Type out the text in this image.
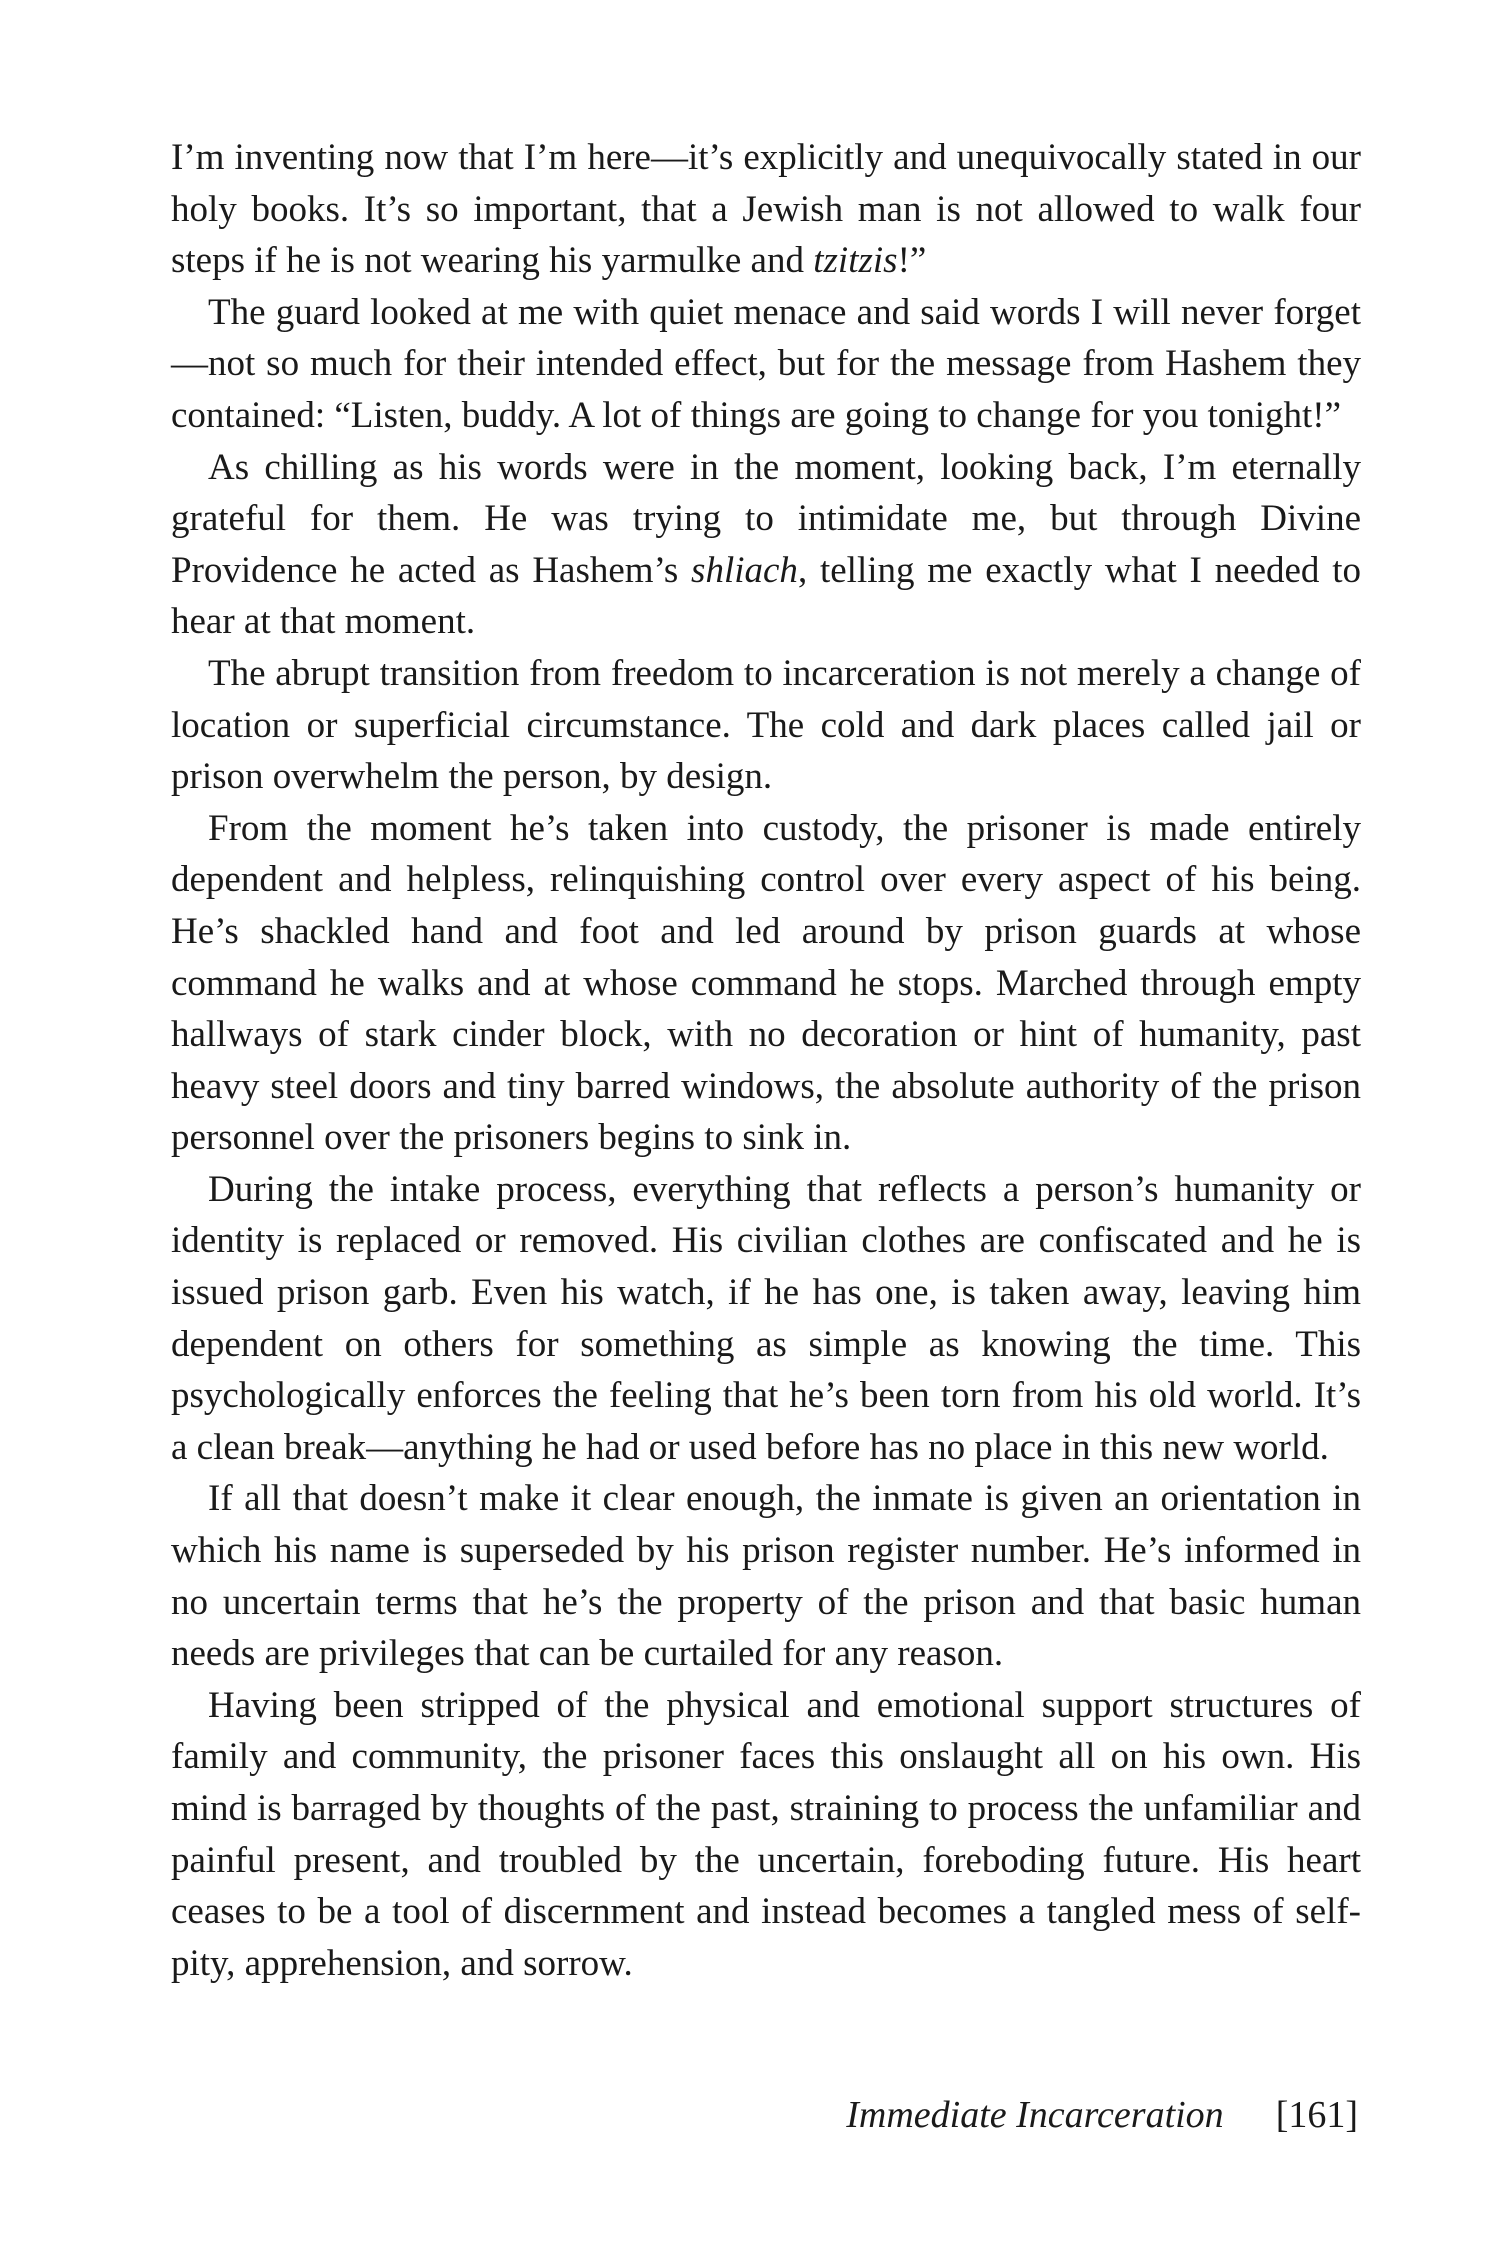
I’m inventing now that I’m here—it’s explicitly and unequivocally stated in our holy books. It’s so important, that a Jewish man is not allowed to walk four steps if he is not wearing his yarmulke and tzitzis!”

The guard looked at me with quiet menace and said words I will never forget—not so much for their intended effect, but for the message from Hashem they contained: “Listen, buddy. A lot of things are going to change for you tonight!”

As chilling as his words were in the moment, looking back, I’m eternally grateful for them. He was trying to intimidate me, but through Divine Providence he acted as Hashem’s shliach, telling me exactly what I needed to hear at that moment.

The abrupt transition from freedom to incarceration is not merely a change of location or superficial circumstance. The cold and dark places called jail or prison overwhelm the person, by design.

From the moment he’s taken into custody, the prisoner is made entirely dependent and helpless, relinquishing control over every aspect of his being. He’s shackled hand and foot and led around by prison guards at whose command he walks and at whose command he stops. Marched through empty hallways of stark cinder block, with no decoration or hint of humanity, past heavy steel doors and tiny barred windows, the absolute authority of the prison personnel over the prisoners begins to sink in.

During the intake process, everything that reflects a person’s humanity or identity is replaced or removed. His civilian clothes are confiscated and he is issued prison garb. Even his watch, if he has one, is taken away, leaving him dependent on others for something as simple as knowing the time. This psychologically enforces the feeling that he’s been torn from his old world. It’s a clean break—anything he had or used before has no place in this new world.

If all that doesn’t make it clear enough, the inmate is given an orientation in which his name is superseded by his prison register number. He’s informed in no uncertain terms that he’s the property of the prison and that basic human needs are privileges that can be curtailed for any reason.

Having been stripped of the physical and emotional support structures of family and community, the prisoner faces this onslaught all on his own. His mind is barraged by thoughts of the past, straining to process the unfamiliar and painful present, and troubled by the uncertain, foreboding future. His heart ceases to be a tool of discernment and instead becomes a tangled mess of self-pity, apprehension, and sorrow.

Immediate Incarceration [161]
